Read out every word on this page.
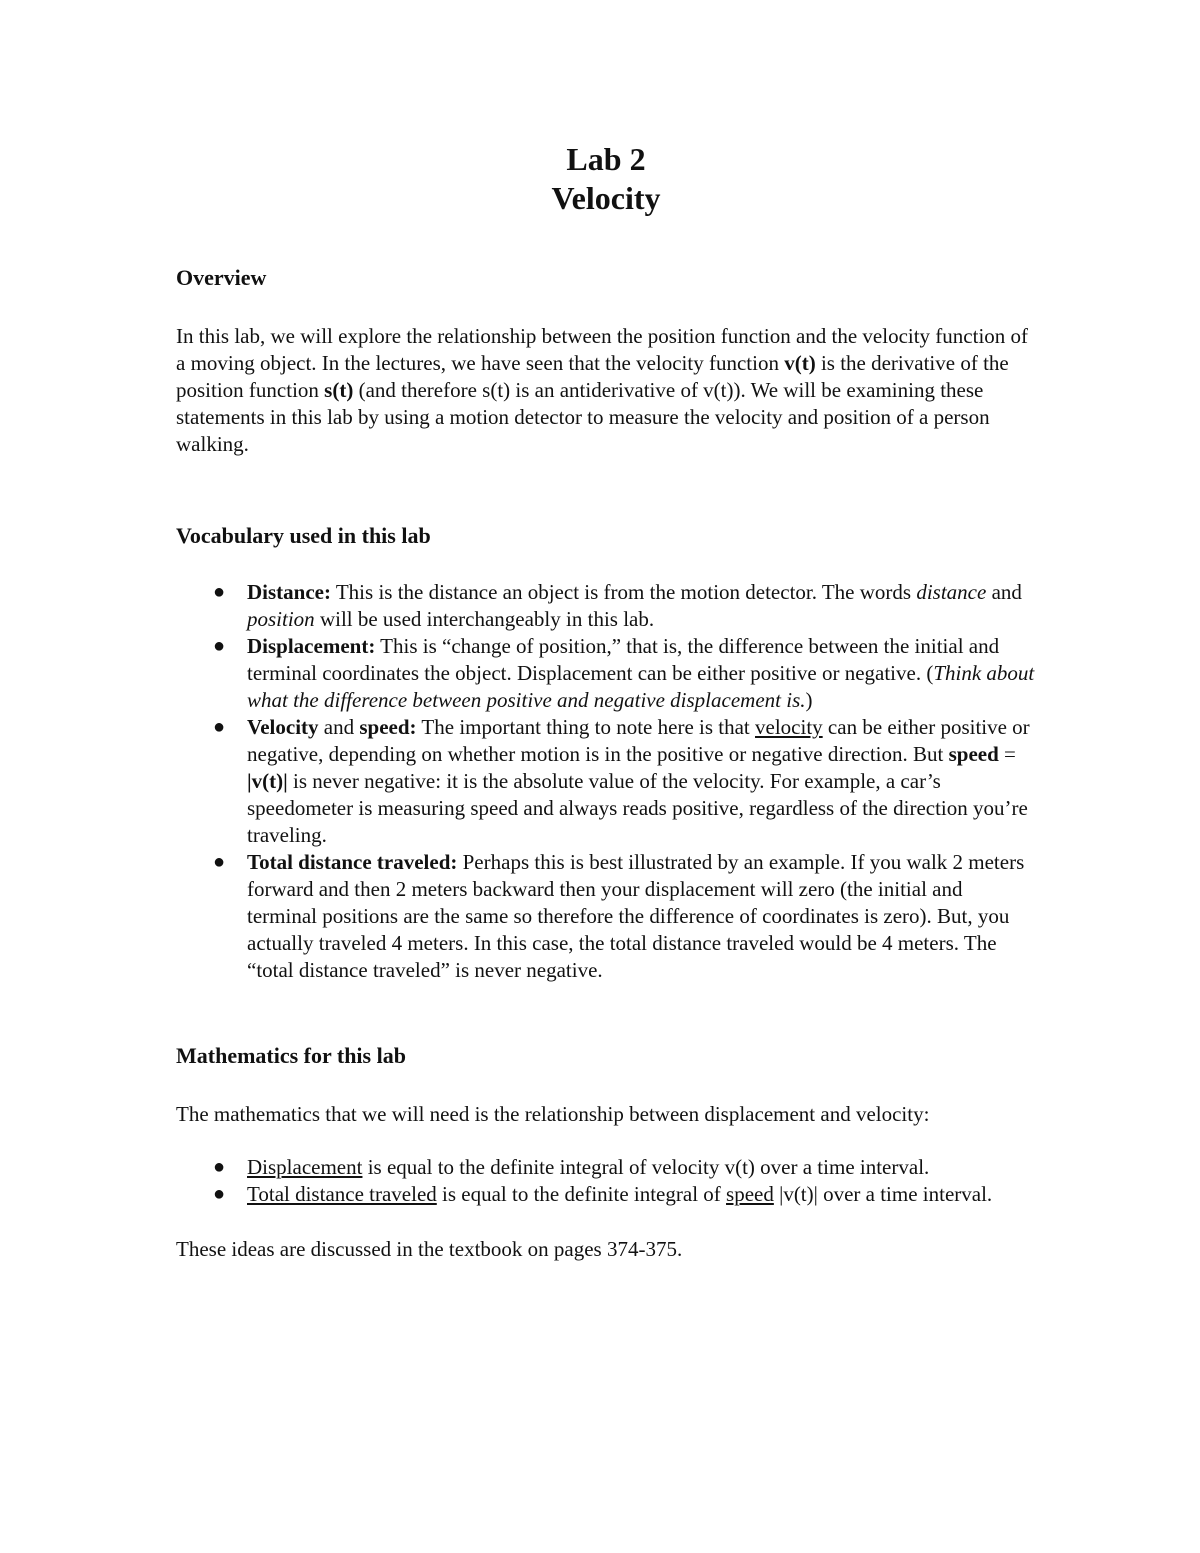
Lab 2

Velocity

Overview

In this lab, we will explore the relationship between the position function and the velocity function of a moving object. In the lectures, we have seen that the velocity function v(t) is the derivative of the position function s(t) (and therefore s(t) is an antiderivative of v(t)). We will be examining these statements in this lab by using a motion detector to measure the velocity and position of a person walking.

Vocabulary used in this lab
● Distance: This is the distance an object is from the motion detector. The words distance and position will be used interchangeably in this lab.
● Displacement: This is “change of position,” that is, the difference between the initial and terminal coordinates the object. Displacement can be either positive or negative. (Think about what the difference between positive and negative displacement is.)
● Velocity and speed: The important thing to note here is that velocity can be either positive or negative, depending on whether motion is in the positive or negative direction. But speed = |v(t)| is never negative: it is the absolute value of the velocity. For example, a car’s speedometer is measuring speed and always reads positive, regardless of the direction you’re traveling.
● Total distance traveled: Perhaps this is best illustrated by an example. If you walk 2 meters forward and then 2 meters backward then your displacement will zero (the initial and terminal positions are the same so therefore the difference of coordinates is zero). But, you actually traveled 4 meters. In this case, the total distance traveled would be 4 meters. The “total distance traveled” is never negative.
Mathematics for this lab

The mathematics that we will need is the relationship between displacement and velocity:

● Displacement is equal to the definite integral of velocity v(t) over a time interval.
● Total distance traveled is equal to the definite integral of speed |v(t)| over a time interval.

These ideas are discussed in the textbook on pages 374-375.
